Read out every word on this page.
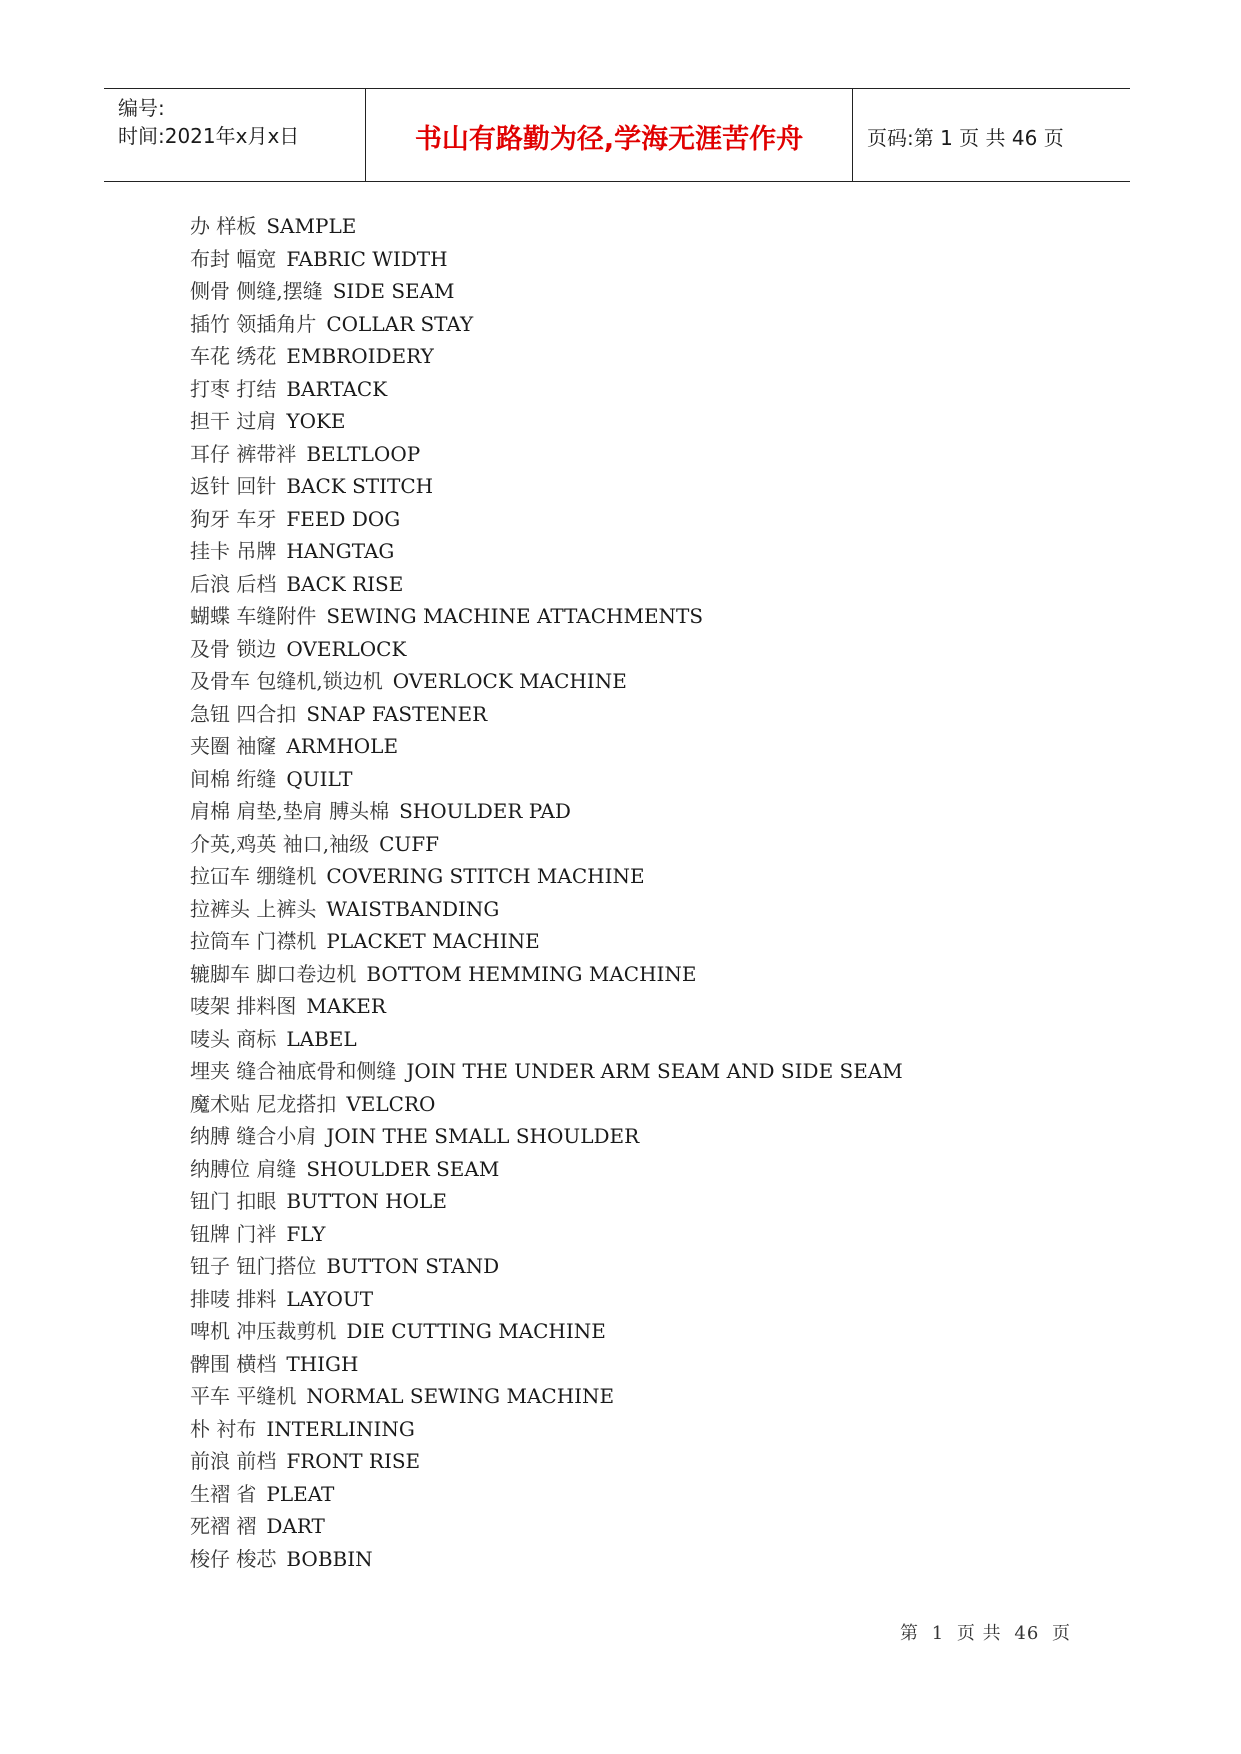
编号:
时间:2021年x月x日	书山有路勤为径,学海无涯苦作舟	页码:第 1 页 共 46 页
办 样板 SAMPLE
布封 幅宽 FABRIC WIDTH
侧骨 侧缝,摆缝 SIDE SEAM
插竹 领插角片 COLLAR STAY
车花 绣花 EMBROIDERY
打枣 打结 BARTACK
担干 过肩 YOKE
耳仔 裤带袢 BELTLOOP
返针 回针 BACK STITCH
狗牙 车牙 FEED DOG
挂卡 吊牌 HANGTAG
后浪 后档 BACK RISE
蝴蝶 车缝附件 SEWING MACHINE ATTACHMENTS
及骨 锁边 OVERLOCK
及骨车 包缝机,锁边机 OVERLOCK MACHINE
急钮 四合扣 SNAP FASTENER
夹圈 袖窿 ARMHOLE
间棉 绗缝 QUILT
肩棉 肩垫,垫肩 膊头棉 SHOULDER PAD
介英,鸡英 袖口,袖级 CUFF
拉冚车 绷缝机 COVERING STITCH MACHINE
拉裤头 上裤头 WAISTBANDING
拉筒车 门襟机 PLACKET MACHINE
辘脚车 脚口卷边机 BOTTOM HEMMING MACHINE
唛架 排料图 MAKER
唛头 商标 LABEL
埋夹 缝合袖底骨和侧缝 JOIN THE UNDER ARM SEAM AND SIDE SEAM
魔术贴 尼龙搭扣 VELCRO
纳膊 缝合小肩 JOIN THE SMALL SHOULDER
纳膊位 肩缝 SHOULDER SEAM
钮门 扣眼 BUTTON HOLE
钮牌 门袢 FLY
钮子 钮门搭位 BUTTON STAND
排唛 排料 LAYOUT
啤机 冲压裁剪机 DIE CUTTING MACHINE
髀围 横档 THIGH
平车 平缝机 NORMAL SEWING MACHINE
朴 衬布 INTERLINING
前浪 前档 FRONT RISE
生褶 省 PLEAT
死褶 褶 DART
梭仔 梭芯 BOBBIN
第 1 页 共 46 页
